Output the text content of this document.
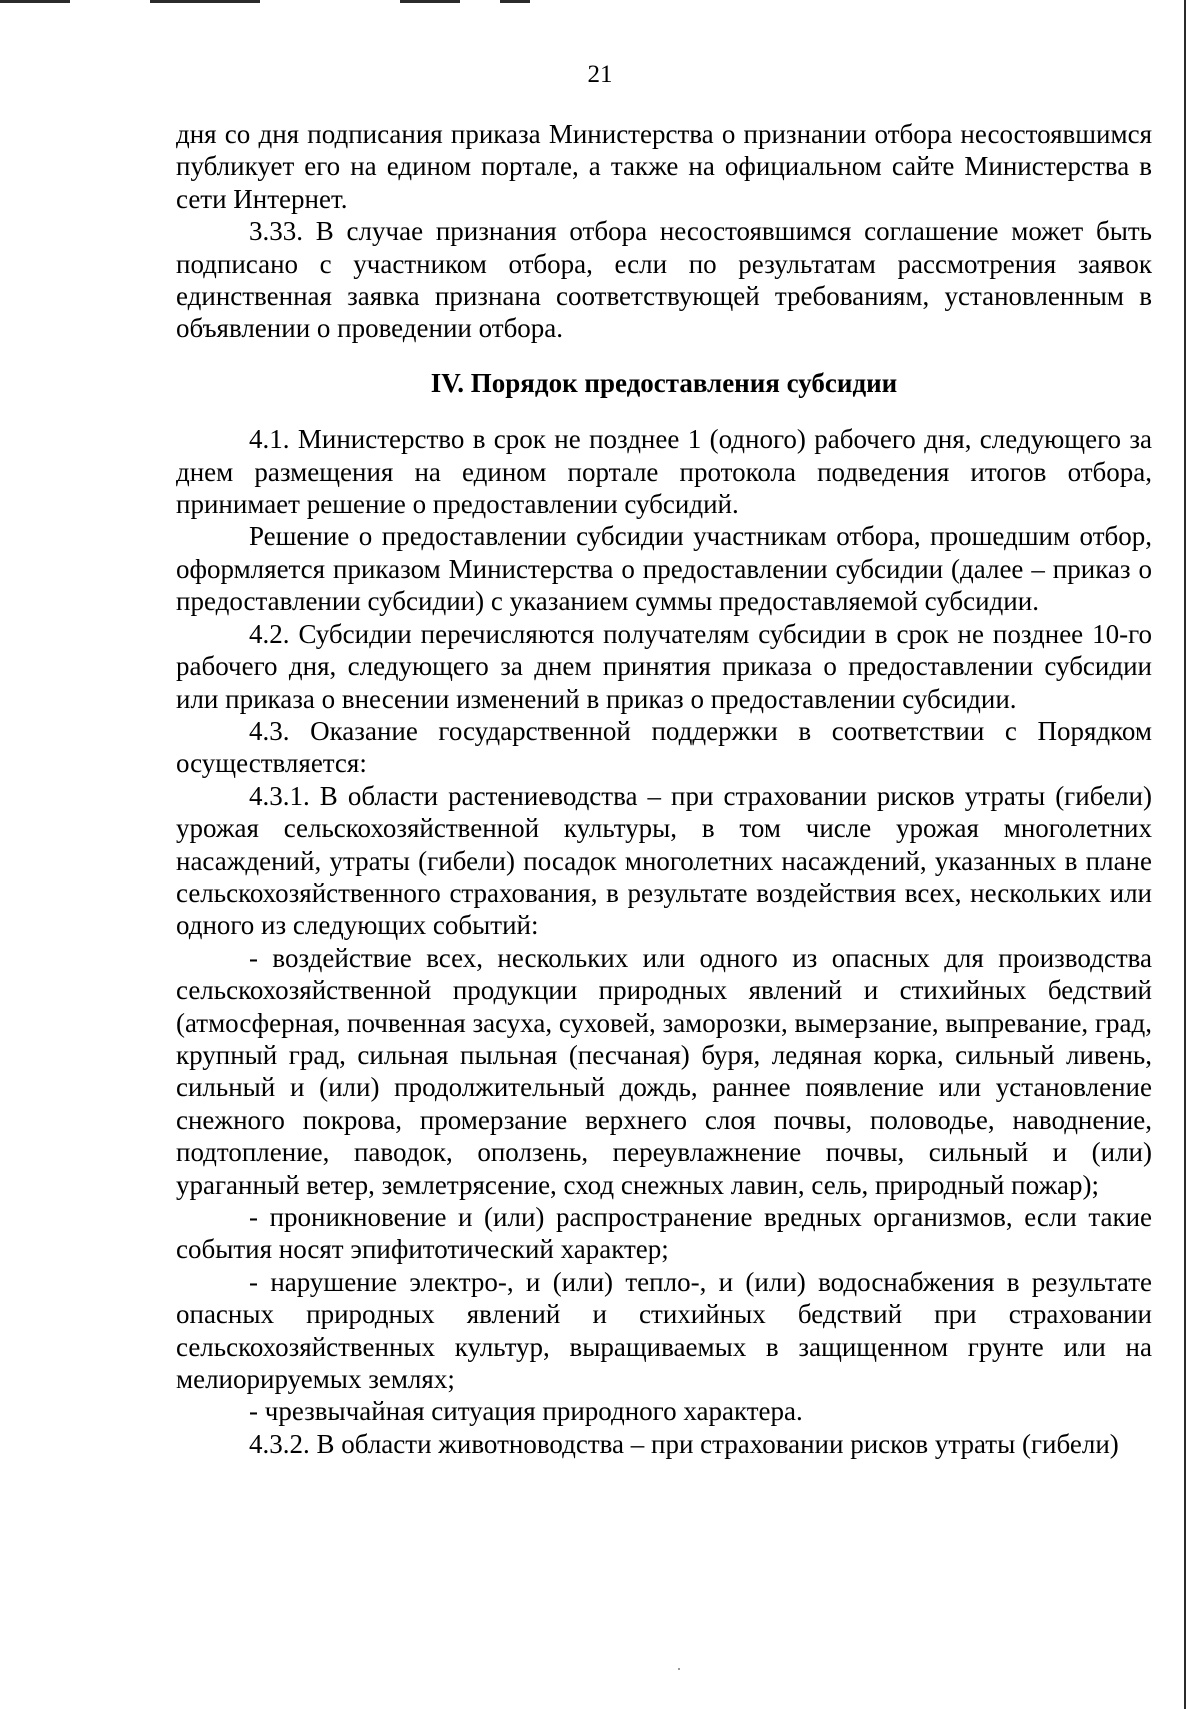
21

дня со дня подписания приказа Министерства о признании отбора несостоявшимся публикует его на едином портале, а также на официальном сайте Министерства в сети Интернет.

3.33. В случае признания отбора несостоявшимся соглашение может быть подписано с участником отбора, если по результатам рассмотрения заявок единственная заявка признана соответствующей требованиям, установленным в объявлении о проведении отбора.

IV. Порядок предоставления субсидии

4.1. Министерство в срок не позднее 1 (одного) рабочего дня, следующего за днем размещения на едином портале протокола подведения итогов отбора, принимает решение о предоставлении субсидий.

Решение о предоставлении субсидии участникам отбора, прошедшим отбор, оформляется приказом Министерства о предоставлении субсидии (далее – приказ о предоставлении субсидии) с указанием суммы предоставляемой субсидии.

4.2. Субсидии перечисляются получателям субсидии в срок не позднее 10-го рабочего дня, следующего за днем принятия приказа о предоставлении субсидии или приказа о внесении изменений в приказ о предоставлении субсидии.

4.3. Оказание государственной поддержки в соответствии с Порядком осуществляется:

4.3.1. В области растениеводства – при страховании рисков утраты (гибели) урожая сельскохозяйственной культуры, в том числе урожая многолетних насаждений, утраты (гибели) посадок многолетних насаждений, указанных в плане сельскохозяйственного страхования, в результате воздействия всех, нескольких или одного из следующих событий:

- воздействие всех, нескольких или одного из опасных для производства сельскохозяйственной продукции природных явлений и стихийных бедствий (атмосферная, почвенная засуха, суховей, заморозки, вымерзание, выпревание, град, крупный град, сильная пыльная (песчаная) буря, ледяная корка, сильный ливень, сильный и (или) продолжительный дождь, раннее появление или установление снежного покрова, промерзание верхнего слоя почвы, половодье, наводнение, подтопление, паводок, оползень, переувлажнение почвы, сильный и (или) ураганный ветер, землетрясение, сход снежных лавин, сель, природный пожар);

- проникновение и (или) распространение вредных организмов, если такие события носят эпифитотический характер;

- нарушение электро-, и (или) тепло-, и (или) водоснабжения в результате опасных природных явлений и стихийных бедствий при страховании сельскохозяйственных культур, выращиваемых в защищенном грунте или на мелиорируемых землях;

- чрезвычайная ситуация природного характера.

4.3.2. В области животноводства – при страховании рисков утраты (гибели)
